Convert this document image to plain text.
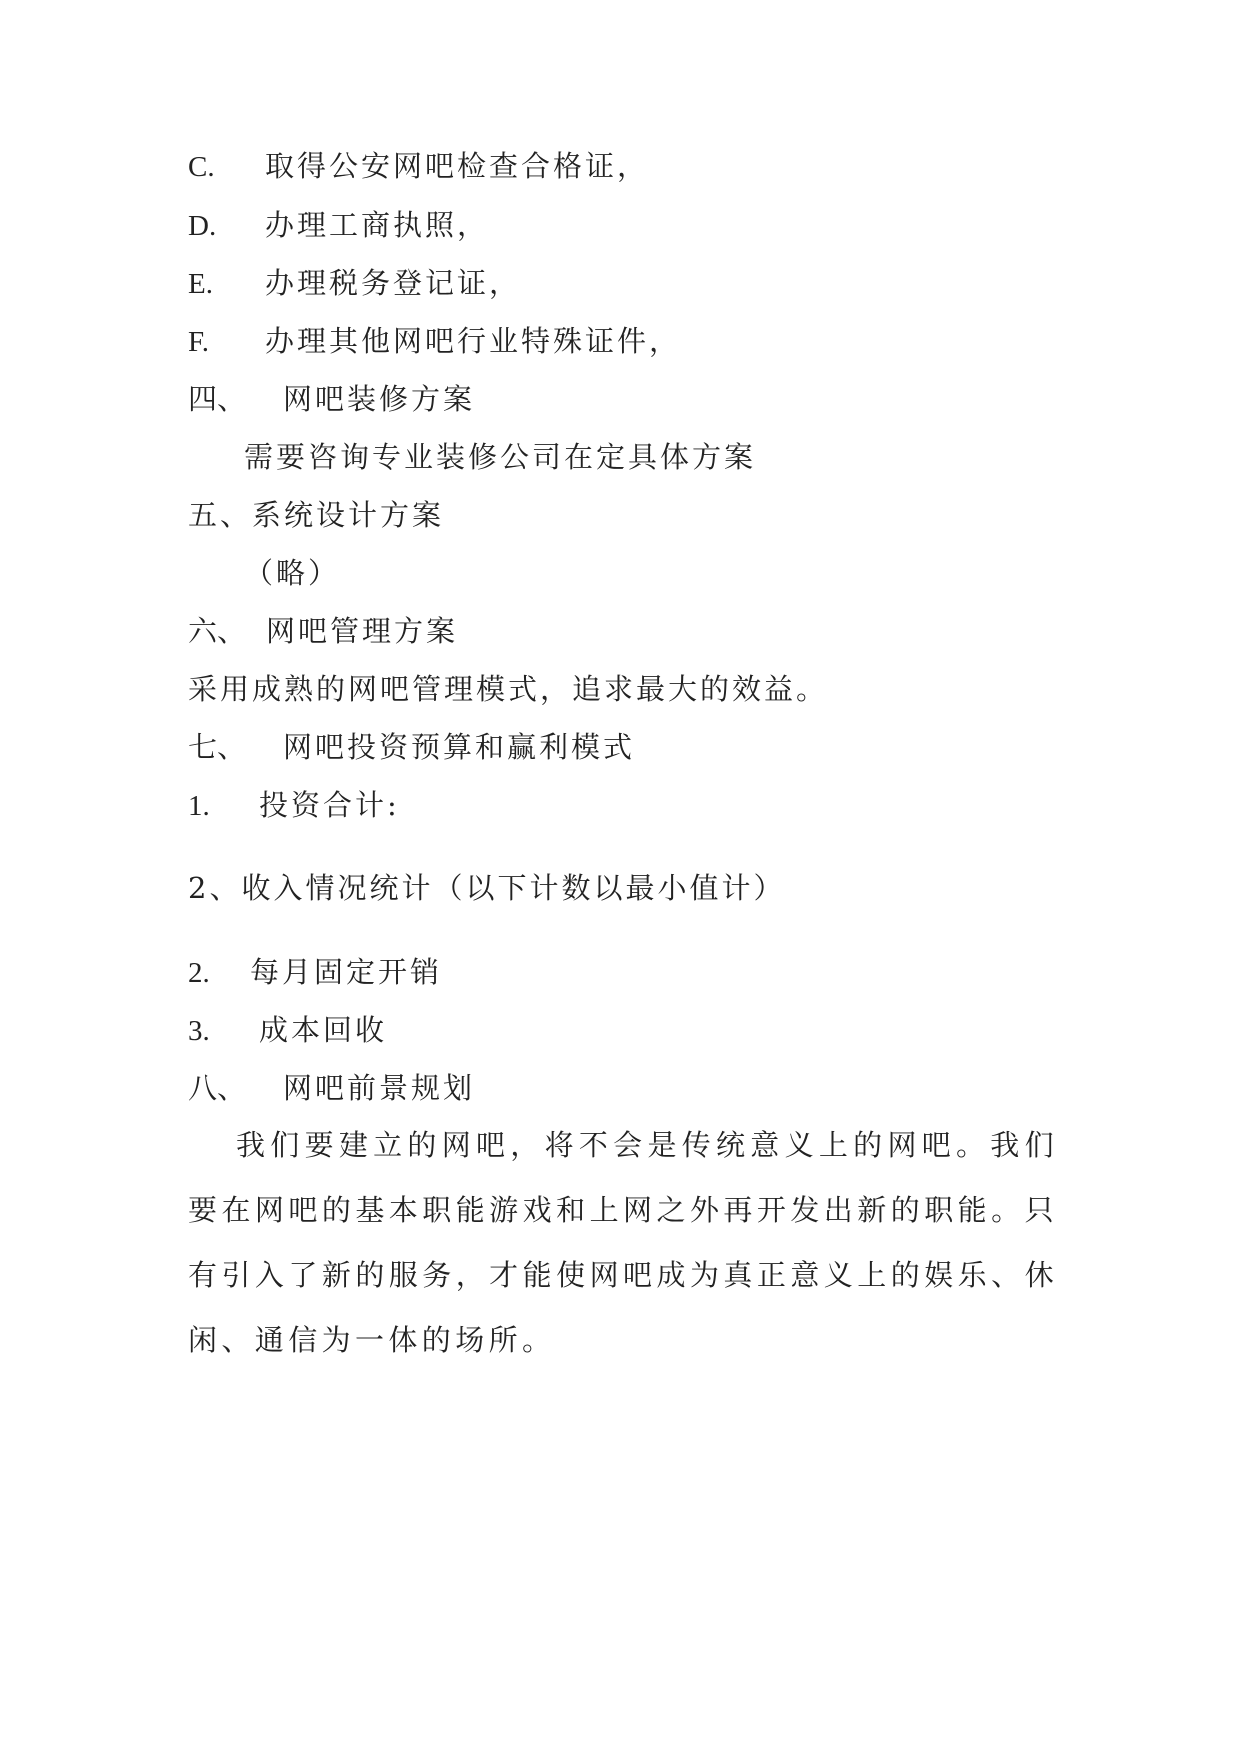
C. 取得公安网吧检查合格证，
D. 办理工商执照，
E. 办理税务登记证，
F. 办理其他网吧行业特殊证件，
四、 网吧装修方案
需要咨询专业装修公司在定具体方案
五、系统设计方案
（略）
六、 网吧管理方案
采用成熟的网吧管理模式，追求最大的效益。
七、 网吧投资预算和赢利模式
1. 投资合计:
2、收入情况统计（以下计数以最小值计）
2. 每月固定开销
3. 成本回收
八、 网吧前景规划
我们要建立的网吧，将不会是传统意义上的网吧。我们要在网吧的基本职能游戏和上网之外再开发出新的职能。只有引入了新的服务，才能使网吧成为真正意义上的娱乐、休闲、通信为一体的场所。
